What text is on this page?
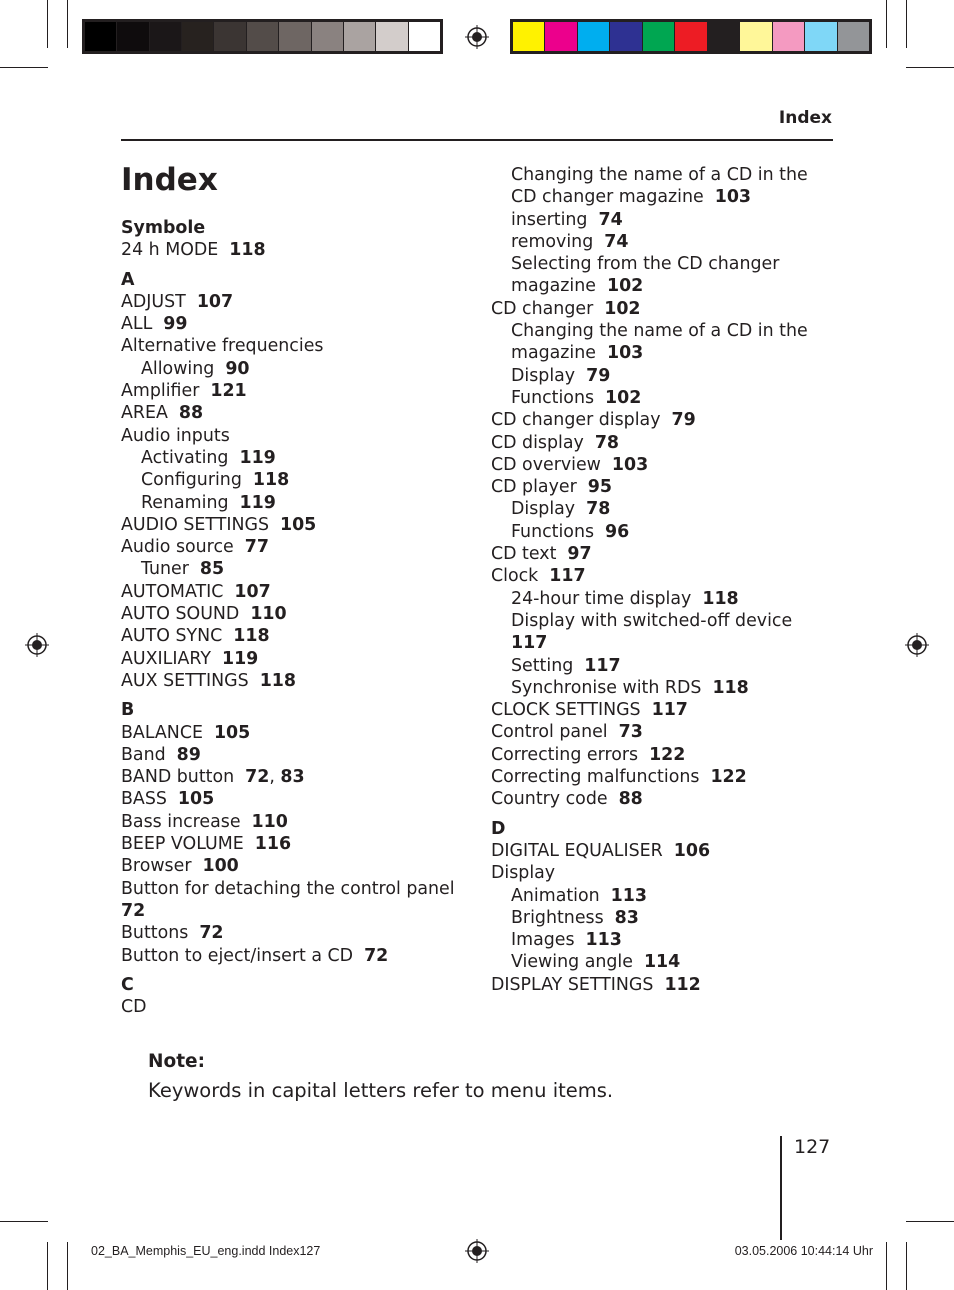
Index
Index
Symbole
24 h MODE 118
A
ADJUST 107
ALL 99
Alternative frequencies
Allowing 90
Amplifier 121
AREA 88
Audio inputs
Activating 119
Configuring 118
Renaming 119
AUDIO SETTINGS 105
Audio source 77
Tuner 85
AUTOMATIC 107
AUTO SOUND 110
AUTO SYNC 118
AUXILIARY 119
AUX SETTINGS 118
B
BALANCE 105
Band 89
BAND button 72, 83
BASS 105
Bass increase 110
BEEP VOLUME 116
Browser 100
Button for detaching the control panel
72
Buttons 72
Button to eject/insert a CD 72
C
CD
Changing the name of a CD in the
CD changer magazine 103
inserting 74
removing 74
Selecting from the CD changer
magazine 102
CD changer 102
Changing the name of a CD in the
magazine 103
Display 79
Functions 102
CD changer display 79
CD display 78
CD overview 103
CD player 95
Display 78
Functions 96
CD text 97
Clock 117
24-hour time display 118
Display with switched-off device
117
Setting 117
Synchronise with RDS 118
CLOCK SETTINGS 117
Control panel 73
Correcting errors 122
Correcting malfunctions 122
Country code 88
D
DIGITAL EQUALISER 106
Display
Animation 113
Brightness 83
Images 113
Viewing angle 114
DISPLAY SETTINGS 112
Note:
Keywords in capital letters refer to menu items.
127
02_BA_Memphis_EU_eng.indd Index127	03.05.2006 10:44:14 Uhr
